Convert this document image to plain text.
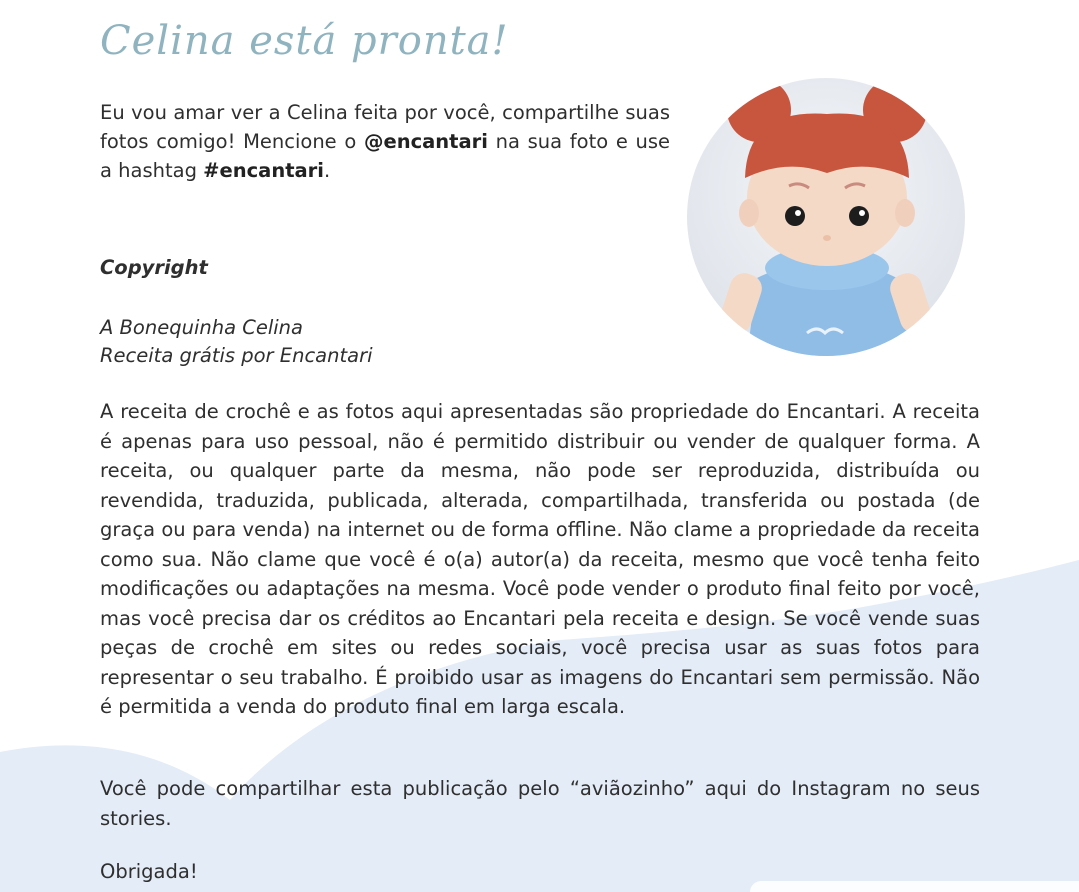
Celina está pronta!

Eu vou amar ver a Celina feita por você, compartilhe suas fotos comigo! Mencione o @encantari na sua foto e use a hashtag #encantari.

Copyright

A Bonequinha Celina
Receita grátis por Encantari

A receita de crochê e as fotos aqui apresentadas são propriedade do Encantari. A receita é apenas para uso pessoal, não é permitido distribuir ou vender de qualquer forma. A receita, ou qualquer parte da mesma, não pode ser reproduzida, distribuída ou revendida, traduzida, publicada, alterada, compartilhada, transferida ou postada (de graça ou para venda) na internet ou de forma offline. Não clame a propriedade da receita como sua. Não clame que você é o(a) autor(a) da receita, mesmo que você tenha feito modificações ou adaptações na mesma. Você pode vender o produto final feito por você, mas você precisa dar os créditos ao Encantari pela receita e design. Se você vende suas peças de crochê em sites ou redes sociais, você precisa usar as suas fotos para representar o seu trabalho. É proibido usar as imagens do Encantari sem permissão. Não é permitida a venda do produto final em larga escala.

Você pode compartilhar esta publicação pelo “aviãozinho” aqui do Instagram no seus stories.

Obrigada!
